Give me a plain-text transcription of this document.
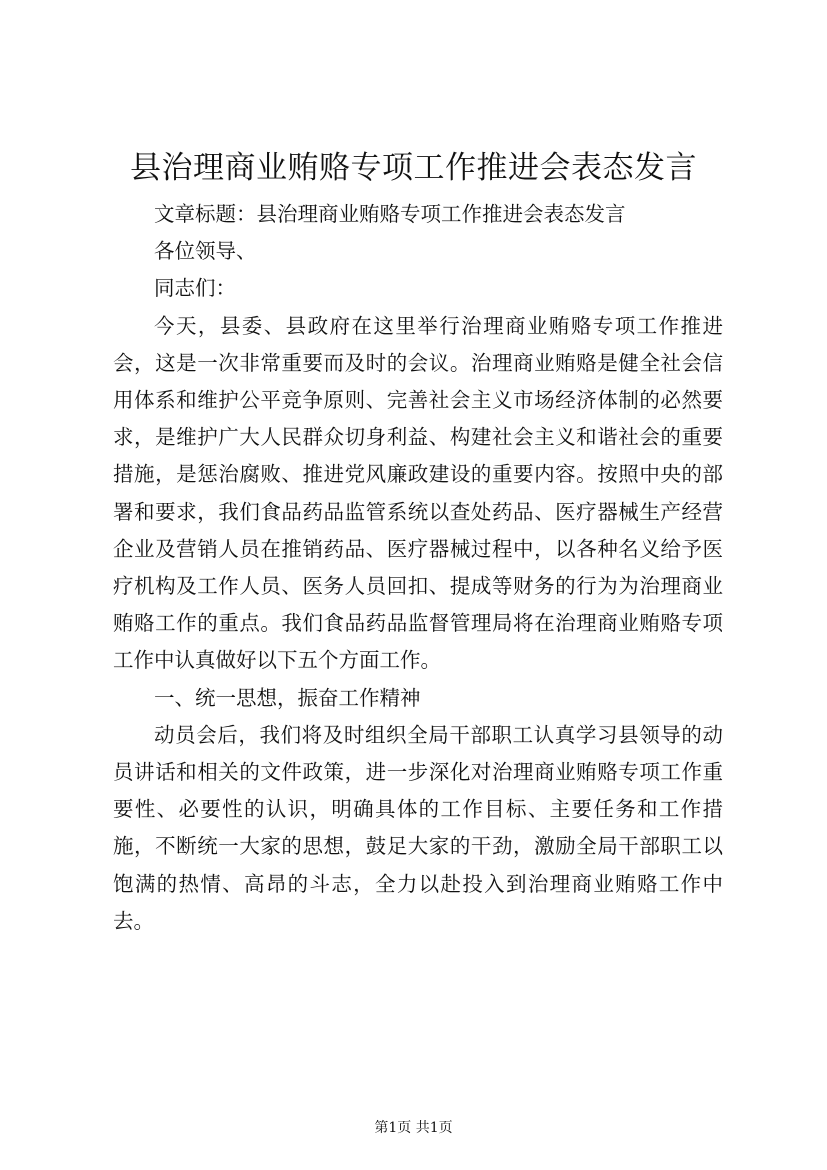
县治理商业贿赂专项工作推进会表态发言

文章标题：县治理商业贿赂专项工作推进会表态发言

各位领导、

同志们：

今天，县委、县政府在这里举行治理商业贿赂专项工作推进会，这是一次非常重要而及时的会议。治理商业贿赂是健全社会信用体系和维护公平竞争原则、完善社会主义市场经济体制的必然要求，是维护广大人民群众切身利益、构建社会主义和谐社会的重要措施，是惩治腐败、推进党风廉政建设的重要内容。按照中央的部署和要求，我们食品药品监管系统以查处药品、医疗器械生产经营企业及营销人员在推销药品、医疗器械过程中，以各种名义给予医疗机构及工作人员、医务人员回扣、提成等财务的行为为治理商业贿赂工作的重点。我们食品药品监督管理局将在治理商业贿赂专项工作中认真做好以下五个方面工作。

一、统一思想，振奋工作精神

动员会后，我们将及时组织全局干部职工认真学习县领导的动员讲话和相关的文件政策，进一步深化对治理商业贿赂专项工作重要性、必要性的认识，明确具体的工作目标、主要任务和工作措施，不断统一大家的思想，鼓足大家的干劲，激励全局干部职工以饱满的热情、高昂的斗志，全力以赴投入到治理商业贿赂工作中去。

第1页 共1页
